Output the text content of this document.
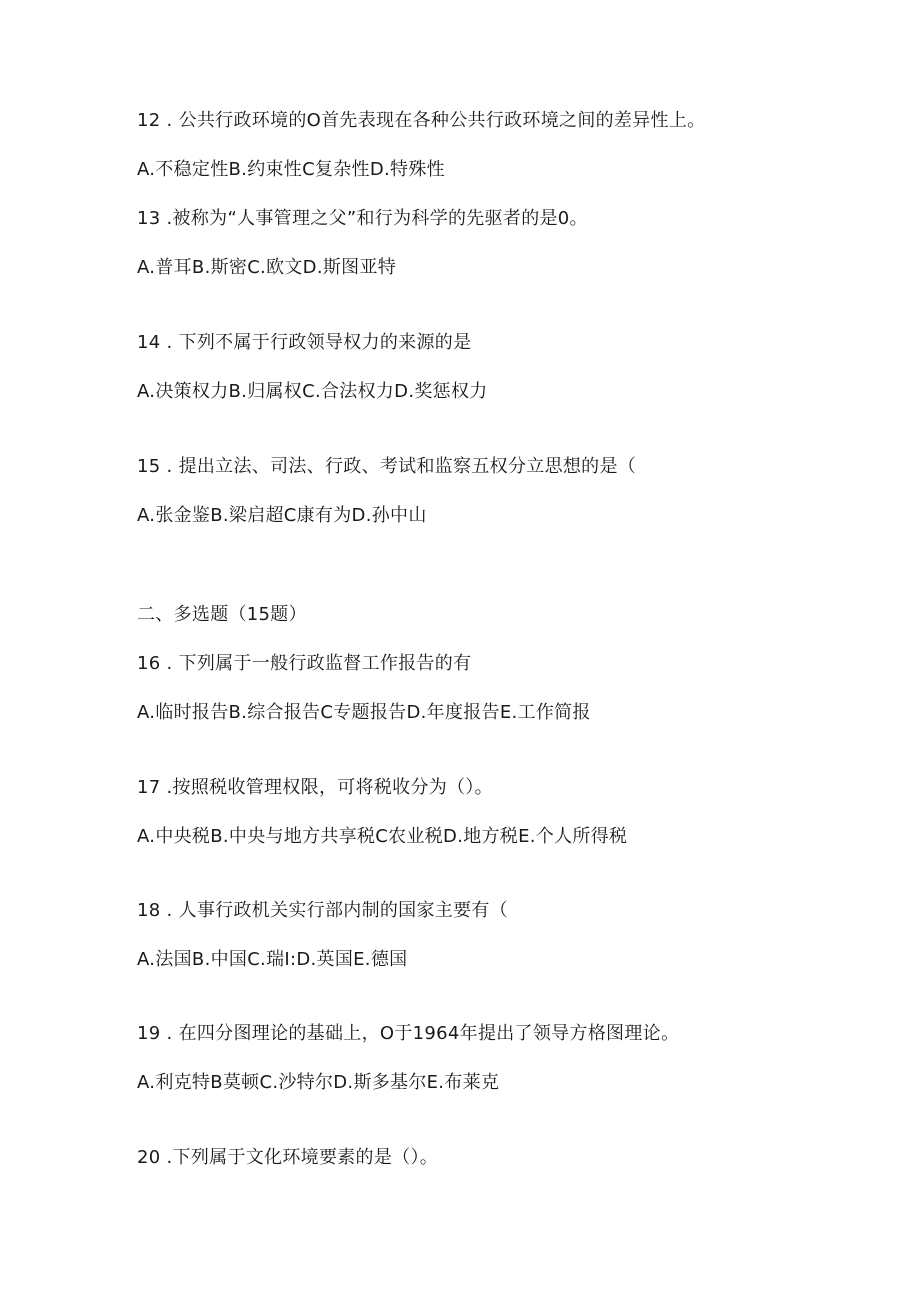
12 . 公共行政环境的O首先表现在各种公共行政环境之间的差异性上。
A.不稳定性B.约束性C复杂性D.特殊性
13 .被称为“人事管理之父”和行为科学的先驱者的是0。
A.普耳B.斯密C.欧文D.斯图亚特
14 . 下列不属于行政领导权力的来源的是
A.决策权力B.归属权C.合法权力D.奖惩权力
15 . 提出立法、司法、行政、考试和监察五权分立思想的是（
A.张金鉴B.梁启超C康有为D.孙中山
二、多选题（15题）
16 . 下列属于一般行政监督工作报告的有
A.临时报告B.综合报告C专题报告D.年度报告E.工作简报
17 .按照税收管理权限，可将税收分为（）。
A.中央税B.中央与地方共享税C农业税D.地方税E.个人所得税
18 . 人事行政机关实行部内制的国家主要有（
A.法国B.中国C.瑞I:D.英国E.德国
19 . 在四分图理论的基础上，O于1964年提出了领导方格图理论。
A.利克特B莫顿C.沙特尔D.斯多基尔E.布莱克
20 .下列属于文化环境要素的是（）。
